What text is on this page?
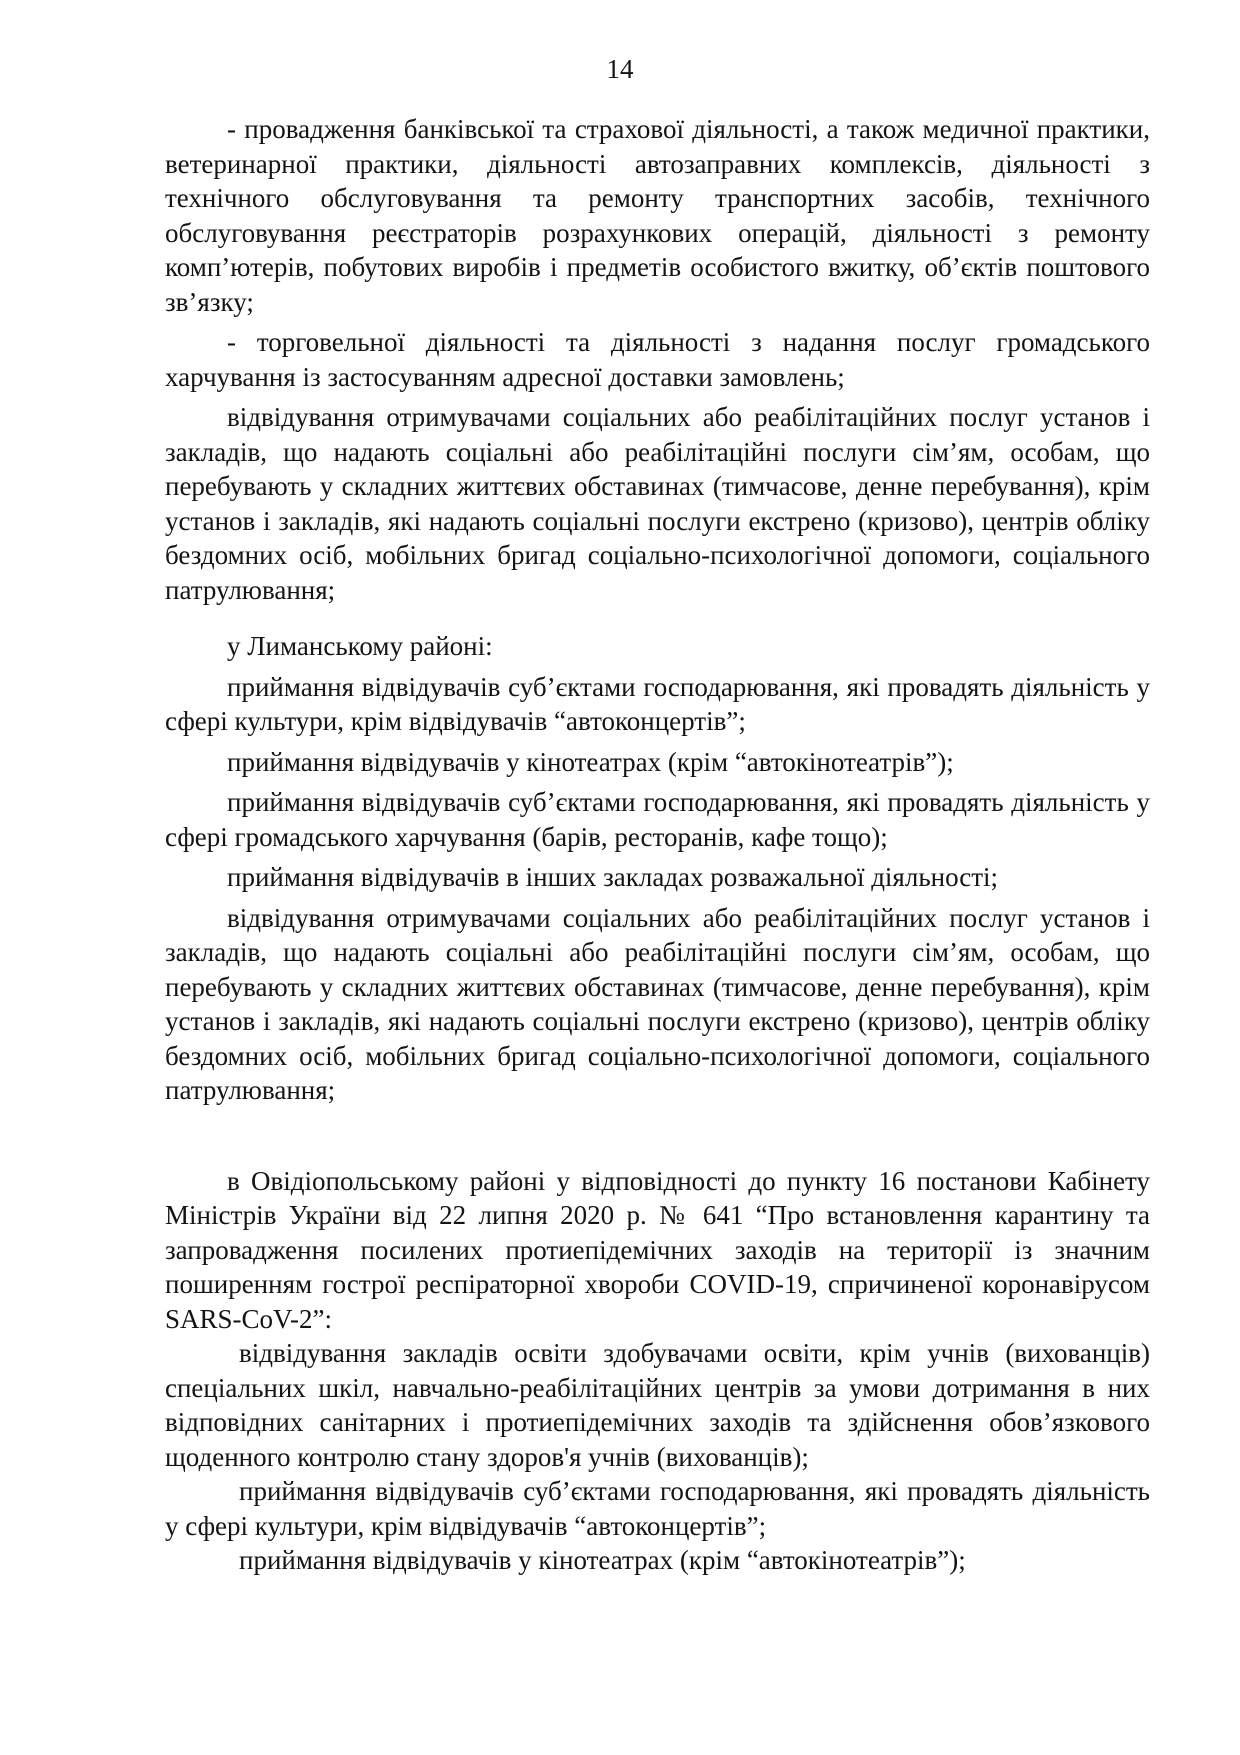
14

- провадження банківської та страхової діяльності, а також медичної практики, ветеринарної практики, діяльності автозаправних комплексів, діяльності з технічного обслуговування та ремонту транспортних засобів, технічного обслуговування реєстраторів розрахункових операцій, діяльності з ремонту комп’ютерів, побутових виробів і предметів особистого вжитку, об’єктів поштового зв’язку;

- торговельної діяльності та діяльності з надання послуг громадського харчування із застосуванням адресної доставки замовлень;

відвідування отримувачами соціальних або реабілітаційних послуг установ і закладів, що надають соціальні або реабілітаційні послуги сім’ям, особам, що перебувають у складних життєвих обставинах (тимчасове, денне перебування), крім установ і закладів, які надають соціальні послуги екстрено (кризово), центрів обліку бездомних осіб, мобільних бригад соціально-психологічної допомоги, соціального патрулювання;

у Лиманському районі:

приймання відвідувачів суб’єктами господарювання, які провадять діяльність у сфері культури, крім відвідувачів “автоконцертів”;

приймання відвідувачів у кінотеатрах (крім “автокінотеатрів”);

приймання відвідувачів суб’єктами господарювання, які провадять діяльність у сфері громадського харчування (барів, ресторанів, кафе тощо);

приймання відвідувачів в інших закладах розважальної діяльності;

відвідування отримувачами соціальних або реабілітаційних послуг установ і закладів, що надають соціальні або реабілітаційні послуги сім’ям, особам, що перебувають у складних життєвих обставинах (тимчасове, денне перебування), крім установ і закладів, які надають соціальні послуги екстрено (кризово), центрів обліку бездомних осіб, мобільних бригад соціально-психологічної допомоги, соціального патрулювання;

в Овідіопольському районі у відповідності до пункту 16 постанови Кабінету Міністрів України від 22 липня 2020 р. № 641 “Про встановлення карантину та запровадження посилених протиепідемічних заходів на території із значним поширенням гострої респіраторної хвороби COVID-19, спричиненої коронавірусом SARS-CoV-2”:

відвідування закладів освіти здобувачами освіти, крім учнів (вихованців) спеціальних шкіл, навчально-реабілітаційних центрів за умови дотримання в них відповідних санітарних і протиепідемічних заходів та здійснення обов’язкового щоденного контролю стану здоров'я учнів (вихованців);

приймання відвідувачів суб’єктами господарювання, які провадять діяльність у сфері культури, крім відвідувачів “автоконцертів”;

приймання відвідувачів у кінотеатрах (крім “автокінотеатрів”);
